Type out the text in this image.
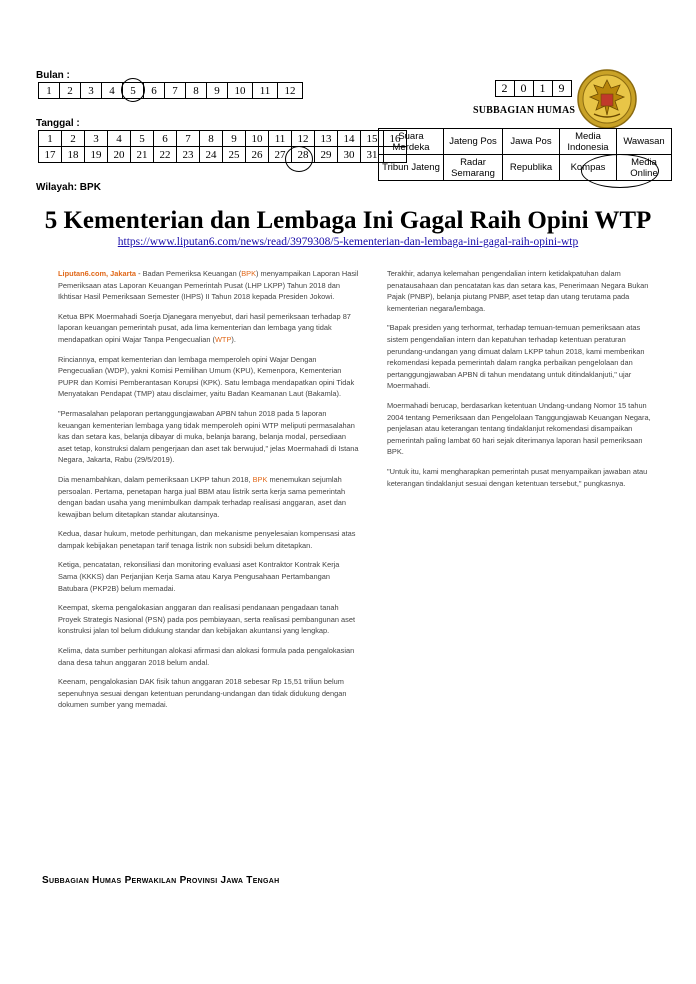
Bulan :
1	2	3	4	5	6	7	8	9	10	11	12
Tanggal :
1	2	3	4	5	6	7	8	9	10	11	12	13	14	15	16
17	18	19	20	21	22	23	24	25	26	27	28	29	30	31	
Wilayah: BPK
2	0	1	9
SUBBAGIAN HUMAS
Suara Merdeka	Jateng Pos	Jawa Pos	Media Indonesia	Wawasan
Tribun Jateng	Radar Semarang	Republika	Kompas	Media Online
5 Kementerian dan Lembaga Ini Gagal Raih Opini WTP
https://www.liputan6.com/news/read/3979308/5-kementerian-dan-lembaga-ini-gagal-raih-opini-wtp

Liputan6.com, Jakarta - Badan Pemeriksa Keuangan (BPK) menyampaikan Laporan Hasil Pemeriksaan atas Laporan Keuangan Pemerintah Pusat (LHP LKPP) Tahun 2018 dan Ikhtisar Hasil Pemeriksaan Semester (IHPS) II Tahun 2018 kepada Presiden Jokowi.

Ketua BPK Moermahadi Soerja Djanegara menyebut, dari hasil pemeriksaan terhadap 87 laporan keuangan pemerintah pusat, ada lima kementerian dan lembaga yang tidak mendapatkan opini Wajar Tanpa Pengecualian (WTP).

Rinciannya, empat kementerian dan lembaga memperoleh opini Wajar Dengan Pengecualian (WDP), yakni Komisi Pemilihan Umum (KPU), Kemenpora, Kementerian PUPR dan Komisi Pemberantasan Korupsi (KPK). Satu lembaga mendapatkan opini Tidak Menyatakan Pendapat (TMP) atau disclaimer, yaitu Badan Keamanan Laut (Bakamla).

"Permasalahan pelaporan pertanggungjawaban APBN tahun 2018 pada 5 laporan keuangan kementerian lembaga yang tidak memperoleh opini WTP meliputi permasalahan kas dan setara kas, belanja dibayar di muka, belanja barang, belanja modal, persediaan aset tetap, konstruksi dalam pengerjaan dan aset tak berwujud," jelas Moermahadi di Istana Negara, Jakarta, Rabu (29/5/2019).

Dia menambahkan, dalam pemeriksaan LKPP tahun 2018, BPK menemukan sejumlah persoalan. Pertama, penetapan harga jual BBM atau listrik serta kerja sama pemerintah dengan badan usaha yang menimbulkan dampak terhadap realisasi anggaran, aset dan kewajiban belum ditetapkan standar akutansinya.

Kedua, dasar hukum, metode perhitungan, dan mekanisme penyelesaian kompensasi atas dampak kebijakan penetapan tarif tenaga listrik non subsidi belum ditetapkan.

Ketiga, pencatatan, rekonsiliasi dan monitoring evaluasi aset Kontraktor Kontrak Kerja Sama (KKKS) dan Perjanjian Kerja Sama atau Karya Pengusahaan Pertambangan Batubara (PKP2B) belum memadai.

Keempat, skema pengalokasian anggaran dan realisasi pendanaan pengadaan tanah Proyek Strategis Nasional (PSN) pada pos pembiayaan, serta realisasi pembangunan aset konstruksi jalan tol belum didukung standar dan kebijakan akuntansi yang lengkap.

Kelima, data sumber perhitungan alokasi afirmasi dan alokasi formula pada pengalokasian dana desa tahun anggaran 2018 belum andal.

Keenam, pengalokasian DAK fisik tahun anggaran 2018 sebesar Rp 15,51 triliun belum sepenuhnya sesuai dengan ketentuan perundang-undangan dan tidak didukung dengan dokumen sumber yang memadai.

Terakhir, adanya kelemahan pengendalian intern ketidakpatuhan dalam penatausahaan dan pencatatan kas dan setara kas, Penerimaan Negara Bukan Pajak (PNBP), belanja piutang PNBP, aset tetap dan utang terutama pada kementerian negara/lembaga.

"Bapak presiden yang terhormat, terhadap temuan-temuan pemeriksaan atas sistem pengendalian intern dan kepatuhan terhadap ketentuan peraturan perundang-undangan yang dimuat dalam LKPP tahun 2018, kami memberikan rekomendasi kepada pemerintah dalam rangka perbaikan pengelolaan dan pertanggungjawaban APBN di tahun mendatang untuk ditindaklanjuti," ujar Moermahadi.

Moermahadi berucap, berdasarkan ketentuan Undang-undang Nomor 15 tahun 2004 tentang Pemeriksaan dan Pengelolaan Tanggungjawab Keuangan Negara, penjelasan atau keterangan tentang tindaklanjut rekomendasi disampaikan pemerintah paling lambat 60 hari sejak diterimanya laporan hasil pemeriksaan BPK.

"Untuk itu, kami mengharapkan pemerintah pusat menyampaikan jawaban atau keterangan tindaklanjut sesuai dengan ketentuan tersebut," pungkasnya.

Subbagian Humas Perwakilan Provinsi Jawa Tengah
